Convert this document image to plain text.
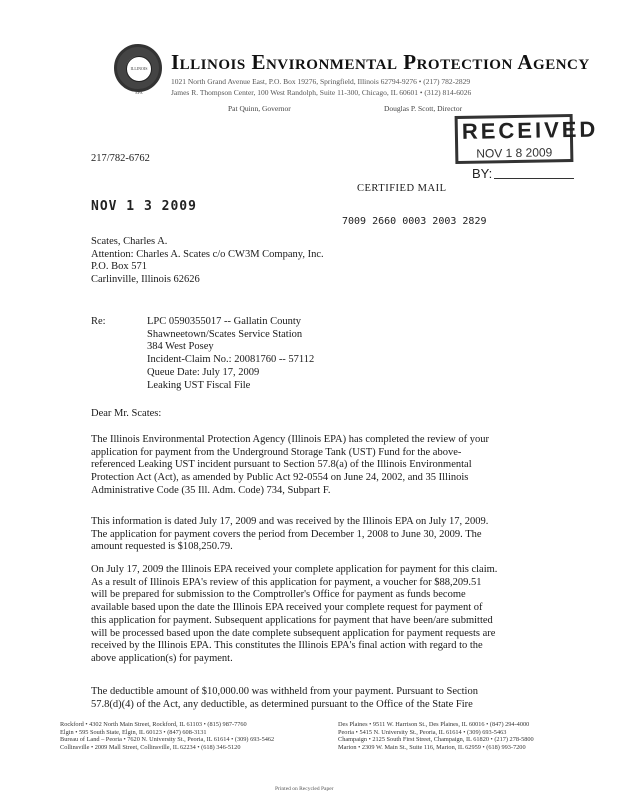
ILLINOIS EPA
Illinois Environmental Protection Agency
1021 North Grand Avenue East, P.O. Box 19276, Springfield, Illinois 62794-9276 • (217) 782-2829
James R. Thompson Center, 100 West Randolph, Suite 11-300, Chicago, IL 60601 • (312) 814-6026
Pat Quinn, Governor	Douglas P. Scott, Director
RECEIVED
NOV 1 8 2009
BY:
217/782-6762
CERTIFIED MAIL
NOV 1 3 2009
7009 2660 0003 2003 2829
Scates, Charles A.
Attention: Charles A. Scates c/o CW3M Company, Inc.
P.O. Box 571
Carlinville, Illinois 62626
Re:	LPC 0590355017 -- Gallatin County
Shawneetown/Scates Service Station
384 West Posey
Incident-Claim No.: 20081760 -- 57112
Queue Date: July 17, 2009
Leaking UST Fiscal File
Dear Mr. Scates:
The Illinois Environmental Protection Agency (Illinois EPA) has completed the review of your
application for payment from the Underground Storage Tank (UST) Fund for the above-
referenced Leaking UST incident pursuant to Section 57.8(a) of the Illinois Environmental
Protection Act (Act), as amended by Public Act 92-0554 on June 24, 2002, and 35 Illinois
Administrative Code (35 Ill. Adm. Code) 734, Subpart F.
This information is dated July 17, 2009 and was received by the Illinois EPA on July 17, 2009.
The application for payment covers the period from December 1, 2008 to June 30, 2009. The
amount requested is $108,250.79.
On July 17, 2009 the Illinois EPA received your complete application for payment for this claim.
As a result of Illinois EPA's review of this application for payment, a voucher for $88,209.51
will be prepared for submission to the Comptroller's Office for payment as funds become
available based upon the date the Illinois EPA received your complete request for payment of
this application for payment. Subsequent applications for payment that have been/are submitted
will be processed based upon the date complete subsequent application for payment requests are
received by the Illinois EPA. This constitutes the Illinois EPA's final action with regard to the
above application(s) for payment.
The deductible amount of $10,000.00 was withheld from your payment. Pursuant to Section
57.8(d)(4) of the Act, any deductible, as determined pursuant to the Office of the State Fire
Rockford • 4302 North Main Street, Rockford, IL 61103 • (815) 987-7760
Elgin • 595 South State, Elgin, IL 60123 • (847) 608-3131
Bureau of Land – Peoria • 7620 N. University St., Peoria, IL 61614 • (309) 693-5462
Collinsville • 2009 Mall Street, Collinsville, IL 62234 • (618) 346-5120
Des Plaines • 9511 W. Harrison St., Des Plaines, IL 60016 • (847) 294-4000
Peoria • 5415 N. University St., Peoria, IL 61614 • (309) 693-5463
Champaign • 2125 South First Street, Champaign, IL 61820 • (217) 278-5800
Marion • 2309 W. Main St., Suite 116, Marion, IL 62959 • (618) 993-7200
Printed on Recycled Paper
